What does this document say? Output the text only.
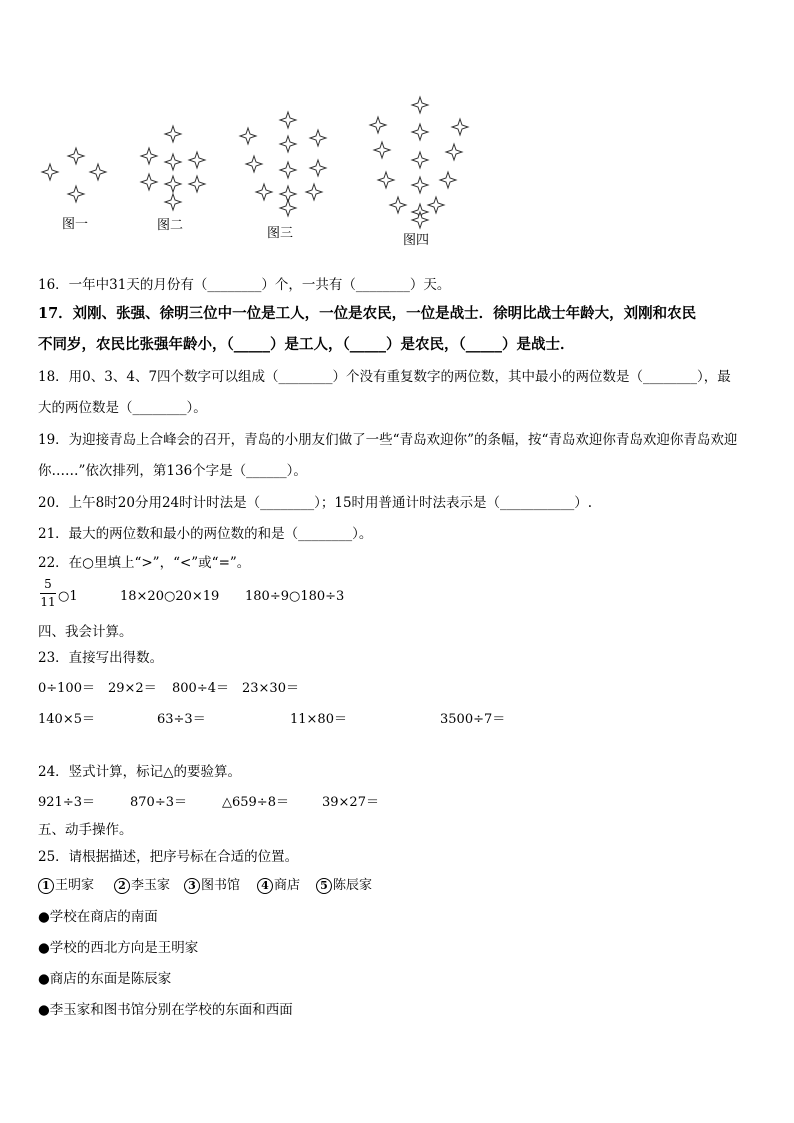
图一	图二
图三	图四
16．一年中31天的月份有（________）个，一共有（________）天。
17．刘刚、张强、徐明三位中一位是工人，一位是农民，一位是战士．徐明比战士年龄大，刘刚和农民
不同岁，农民比张强年龄小，（_____）是工人，（_____）是农民，（_____）是战士．
18．用0、3、4、7四个数字可以组成（________）个没有重复数字的两位数，其中最小的两位数是（________），最
大的两位数是（________）。
19．为迎接青岛上合峰会的召开，青岛的小朋友们做了一些“青岛欢迎你”的条幅，按“青岛欢迎你青岛欢迎你青岛欢迎
你……”依次排列，第136个字是（______）。
20．上午8时20分用24时计时法是（________）；15时用普通计时法表示是（___________）.
21．最大的两位数和最小的两位数的和是（________）。
22．在○里填上“>”，“<”或“=”。
5
11 ○1	18×20○20×19 180÷9○180÷3
四、我会计算。
23．直接写出得数。
0÷100＝ 29×2＝ 800÷4＝ 23×30＝
140×5＝	63÷3＝	11×80＝	3500÷7＝
24．竖式计算，标记△的要验算。
921÷3＝	870÷3＝	△659÷8＝	39×27＝
五、动手操作。
25．请根据描述，把序号标在合适的位置。
1 王明家	2 李玉家	3 图书馆	4 商店	5 陈辰家
●学校在商店的南面
●学校的西北方向是王明家
●商店的东面是陈辰家
●李玉家和图书馆分别在学校的东面和西面
